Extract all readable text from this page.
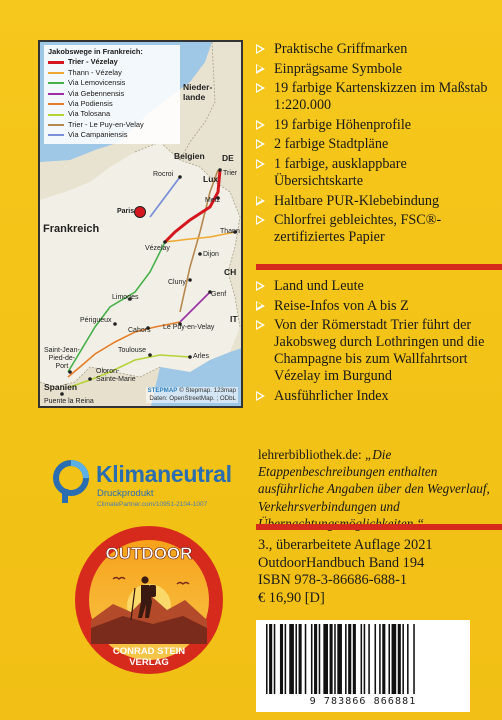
Jakobswege in Frankreich:
Trier - Vézelay
Thann - Vézelay
Via Lemovicensis
Via Gebennensis
Via Podiensis
Via Tolosana
Trier - Le Puy-en-Velay
Via Campaniensis
Nieder-
lande
Belgien DE
Lux
Trier
Rocroi
Metz
Paris
Frankreich	Thann
Vézelay
Dijon
CH
Cluny
Genf
Limoges
Périgueux	IT
Cahors Le Puy-en-Velay
Saint-Jean-
Pied-de-
Port
Toulouse
Arles
Oloron-
Sainte-Marie
Puente la Reina
Spanien	STEPMAP © Stepmap. 123map
Daten: OpenStreetMap. ; ODbL
Praktische Griffmarken
Einprägsame Symbole
19 farbige Kartenskizzen im Maßstab 1:220.000
19 farbige Höhenprofile
2 farbige Stadtpläne
1 farbige, ausklappbare Übersichtskarte
Haltbare PUR-Klebebindung
Chlorfrei gebleichtes, FSC®-zertifiziertes Papier
Land und Leute
Reise-Infos von A bis Z
Von der Römerstadt Trier führt der Jakobsweg durch Lothringen und die Champagne bis zum Wallfahrtsort Vézelay im Burgund
Ausführlicher Index
lehrerbibliothek.de: „Die Etappenbeschreibungen enthalten ausführliche Angaben über den Wegverlauf, Verkehrsverbindungen und
3., überarbeitete Auflage 2021
OutdoorHandbuch Band 194
ISBN 978-3-86686-688-1
€ 16,90 [D]
Klimaneutral
Druckprodukt
ClimatePartner.com/10951-2104-1007
OUTDOOR
CONRAD STEIN
VERLAG
9 783866 866881
